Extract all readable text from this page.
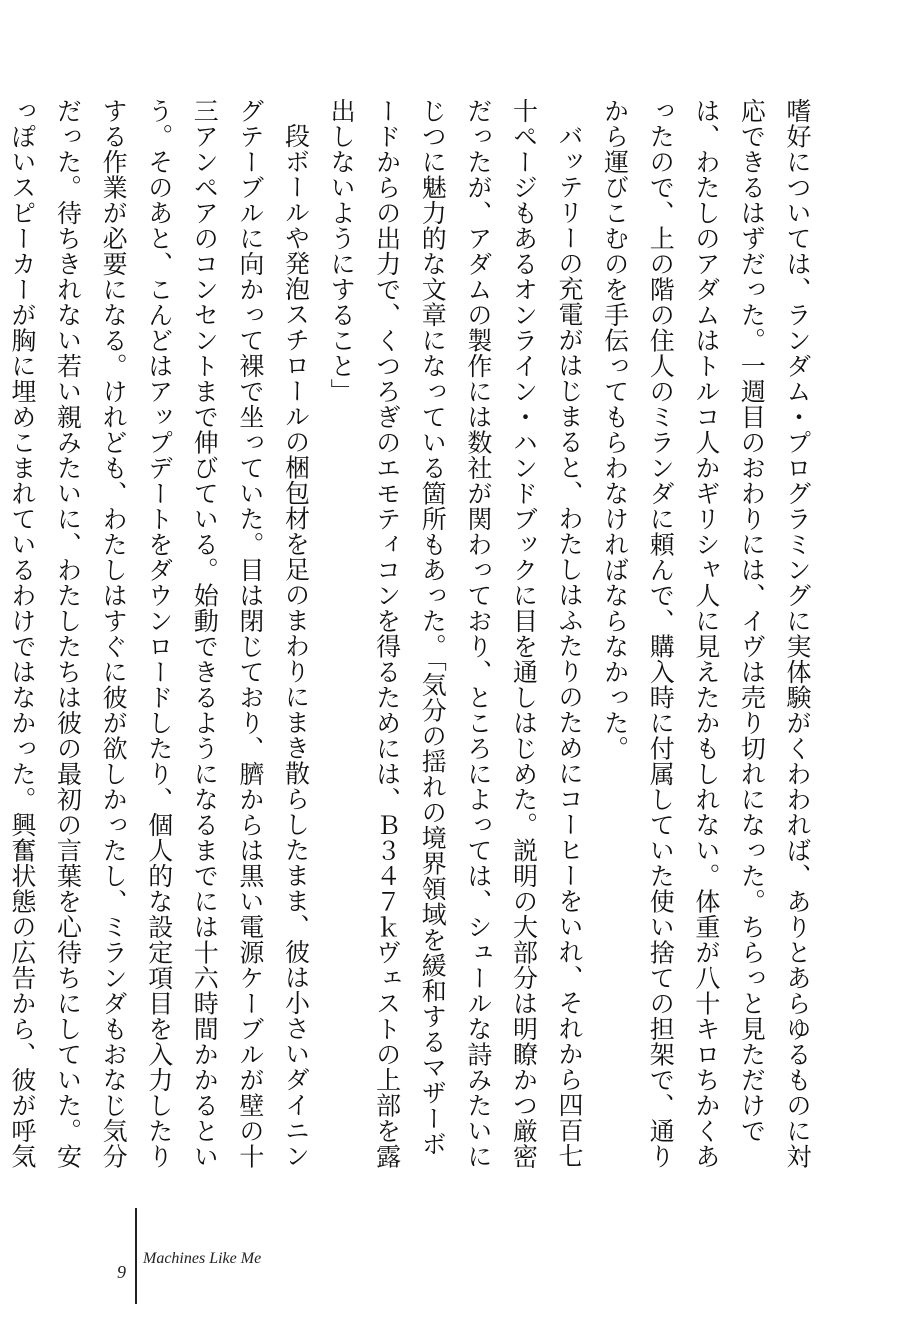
嗜好については、ランダム・プログラミングに実体験がくわわれば、ありとあらゆるものに対応できるはずだった。一週目のおわりには、イヴは売り切れになった。ちらっと見ただけでは、わたしのアダムはトルコ人かギリシャ人に見えたかもしれない。体重が八十キロちかくあったので、上の階の住人のミランダに頼んで、購入時に付属していた使い捨ての担架で、通りから運びこむのを手伝ってもらわなければならなかった。

バッテリーの充電がはじまると、わたしはふたりのためにコーヒーをいれ、それから四百七十ページもあるオンライン・ハンドブックに目を通しはじめた。説明の大部分は明瞭かつ厳密だったが、アダムの製作には数社が関わっており、ところによっては、シュールな詩みたいにじつに魅力的な文章になっている箇所もあった。「気分の揺れの境界領域を緩和するマザーボードからの出力で、くつろぎのエモティコンを得るためには、Ｂ３４７ｋヴェストの上部を露出しないようにすること」

段ボールや発泡スチロールの梱包材を足のまわりにまき散らしたまま、彼は小さいダイニングテーブルに向かって裸で坐っていた。目は閉じており、臍からは黒い電源ケーブルが壁の十三アンペアのコンセントまで伸びている。始動できるようになるまでには十六時間かかるという。そのあと、こんどはアップデートをダウンロードしたり、個人的な設定項目を入力したりする作業が必要になる。けれども、わたしはすぐに彼が欲しかったし、ミランダもおなじ気分だった。待ちきれない若い親みたいに、わたしたちは彼の最初の言葉を心待ちにしていた。安っぽいスピーカーが胸に埋めこまれているわけではなかった。興奮状態の広告から、彼が呼気

9
Machines Like Me
